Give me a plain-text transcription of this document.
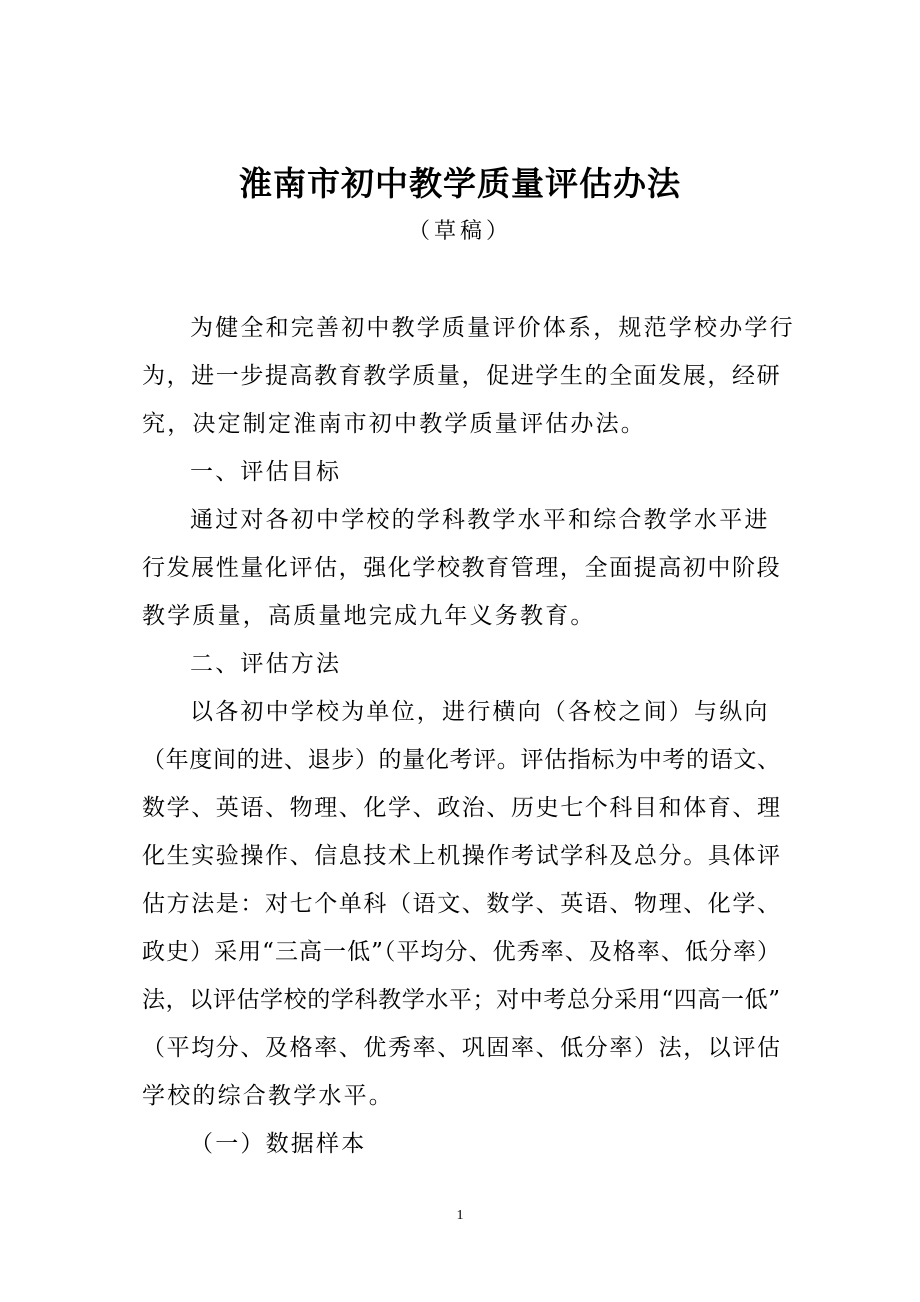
淮南市初中教学质量评估办法
（草稿）
为健全和完善初中教学质量评价体系，规范学校办学行
为，进一步提高教育教学质量，促进学生的全面发展，经研
究，决定制定淮南市初中教学质量评估办法。
一、评估目标
通过对各初中学校的学科教学水平和综合教学水平进
行发展性量化评估，强化学校教育管理，全面提高初中阶段
教学质量，高质量地完成九年义务教育。
二、评估方法
以各初中学校为单位，进行横向（各校之间）与纵向
（年度间的进、退步）的量化考评。评估指标为中考的语文、
数学、英语、物理、化学、政治、历史七个科目和体育、理
化生实验操作、信息技术上机操作考试学科及总分。具体评
估方法是：对七个单科（语文、数学、英语、物理、化学、
政史）采用“三高一低”（平均分、优秀率、及格率、低分率）
法，以评估学校的学科教学水平；对中考总分采用“四高一低”
（平均分、及格率、优秀率、巩固率、低分率）法，以评估
学校的综合教学水平。
（一）数据样本
1
